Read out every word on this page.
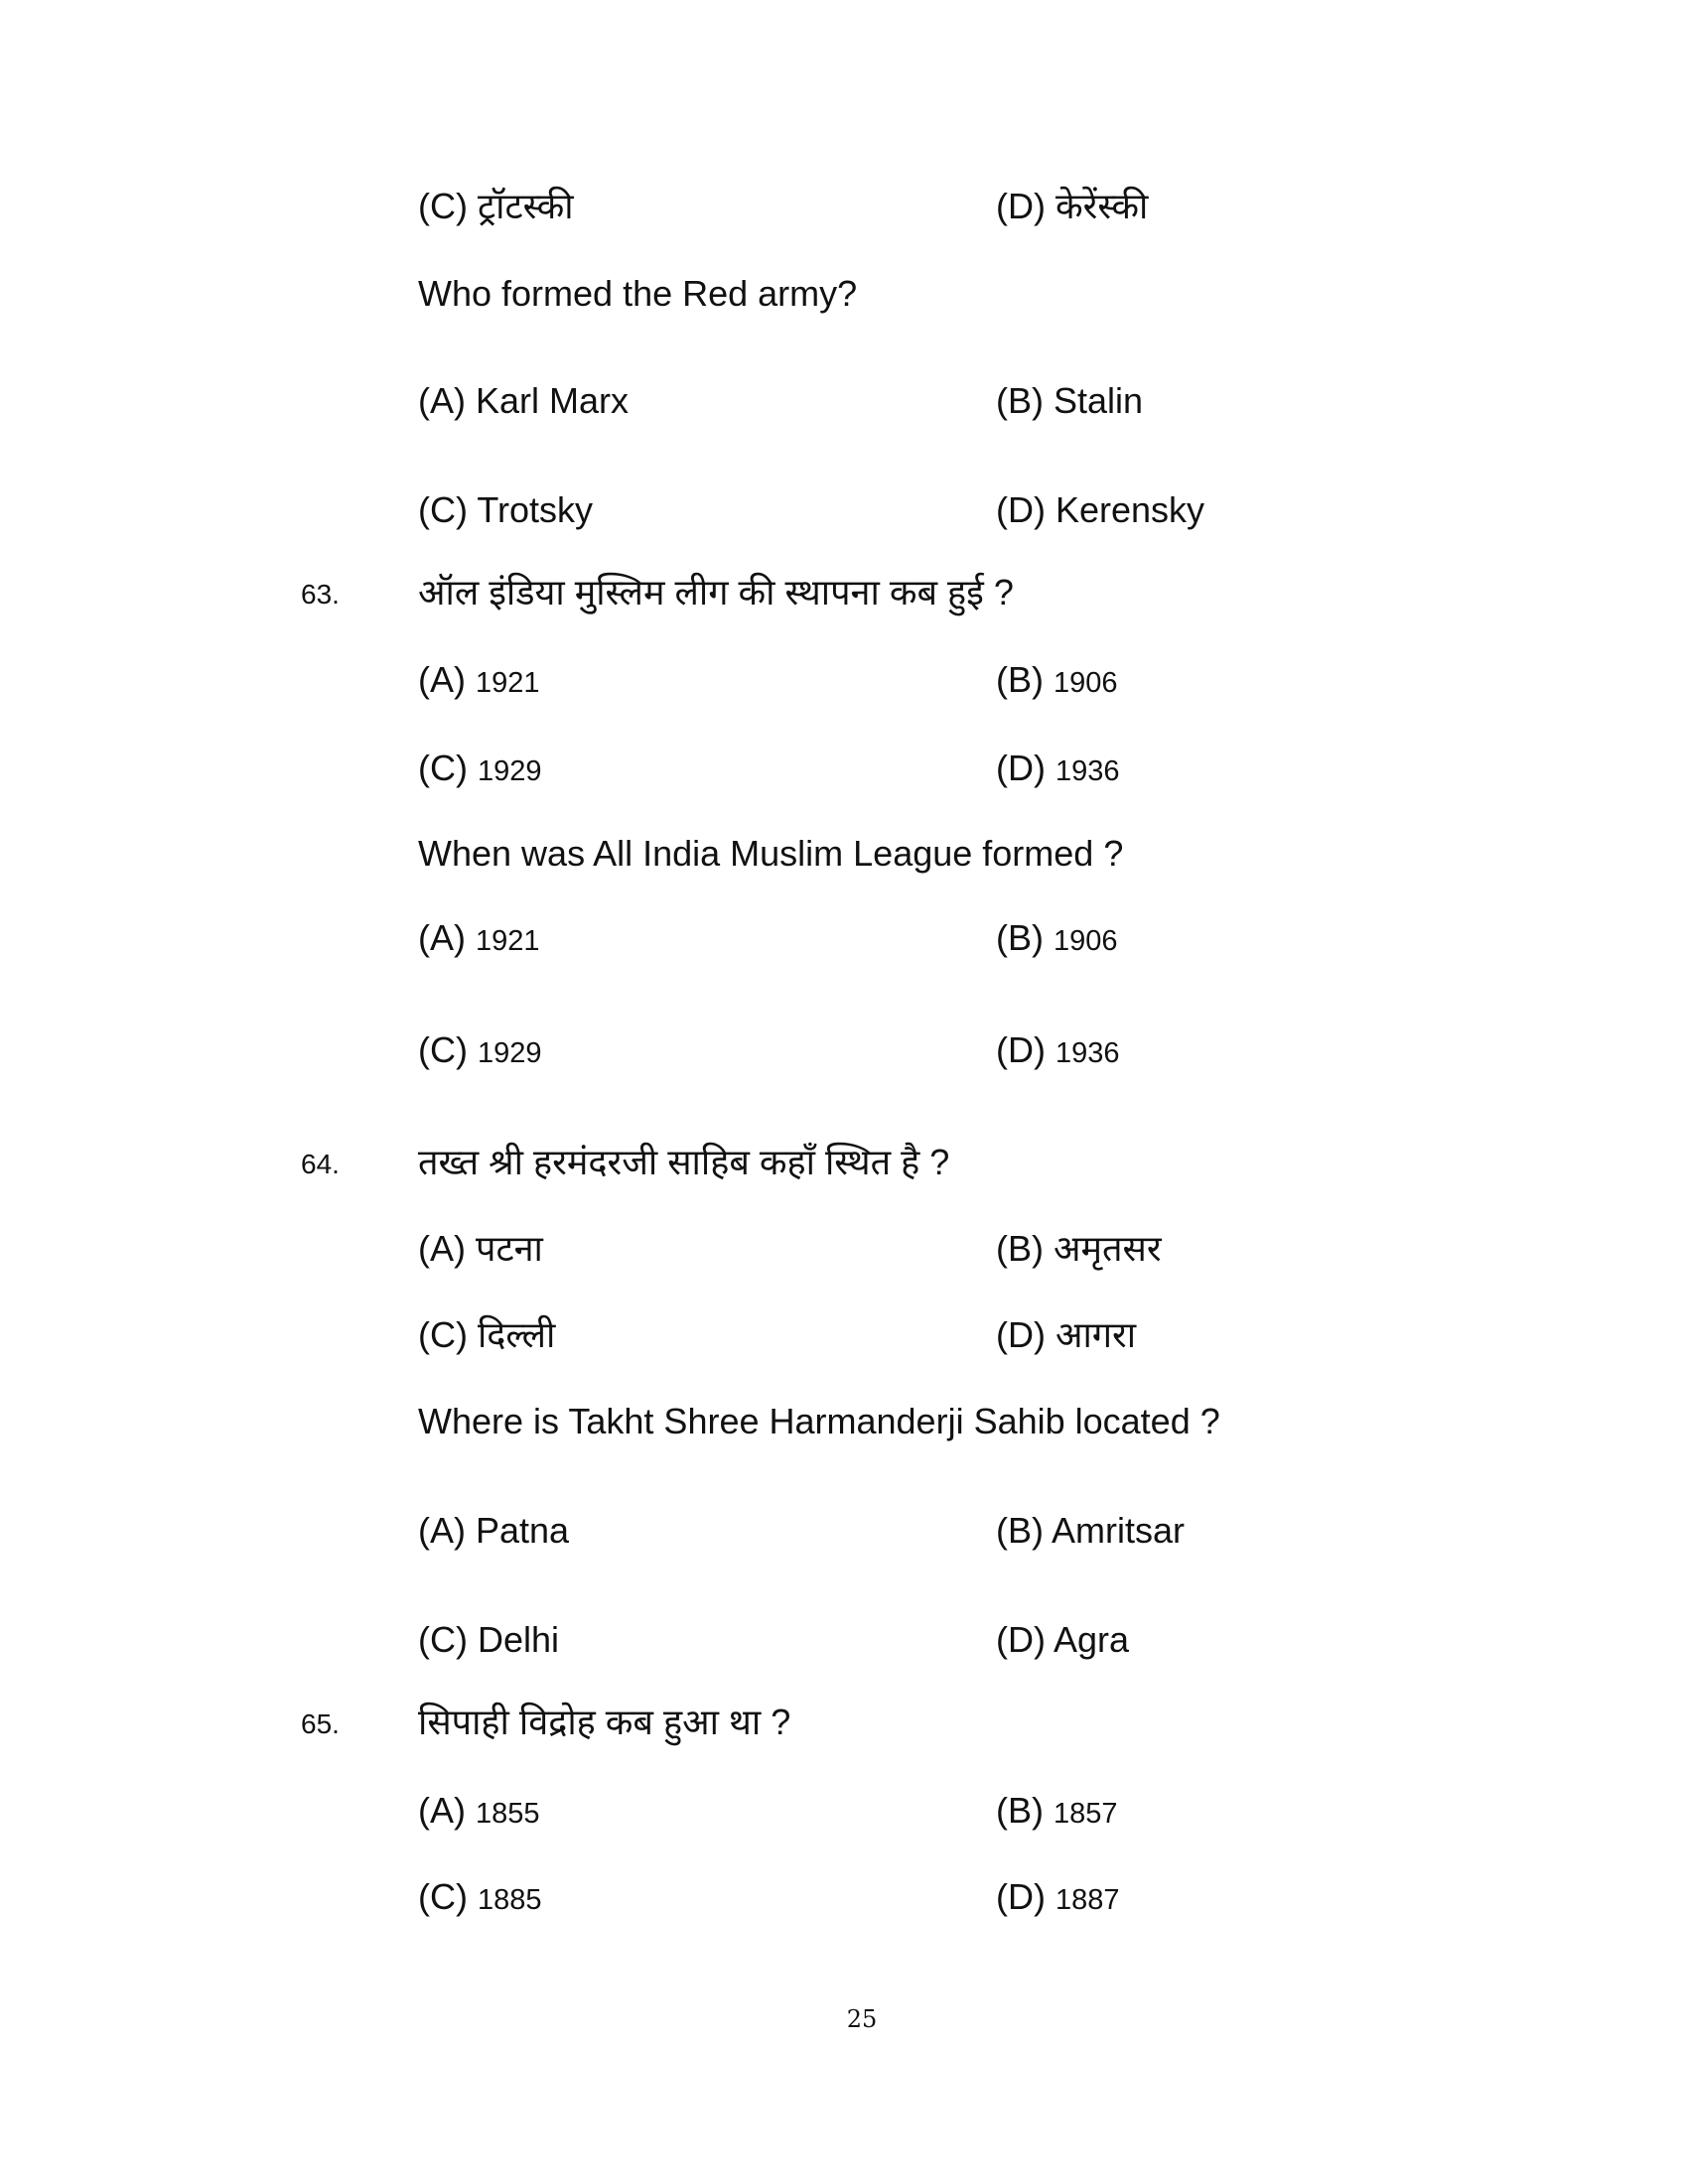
(C) ट्रॉटस्की	(D) केरेंस्की
Who formed the Red army?
(A) Karl Marx	(B) Stalin
(C) Trotsky	(D) Kerensky
63. ऑल इंडिया मुस्लिम लीग की स्थापना कब हुई ?
(A) 1921	(B) 1906
(C) 1929	(D) 1936
When was All India Muslim League formed ?
(A) 1921	(B) 1906
(C) 1929	(D) 1936
64. तख्त श्री हरमंदरजी साहिब कहाँ स्थित है ?
(A) पटना	(B) अमृतसर
(C) दिल्ली	(D) आगरा
Where is Takht Shree Harmanderji Sahib located ?
(A) Patna	(B) Amritsar
(C) Delhi	(D) Agra
65. सिपाही विद्रोह कब हुआ था ?
(A) 1855	(B) 1857
(C) 1885	(D) 1887
25
